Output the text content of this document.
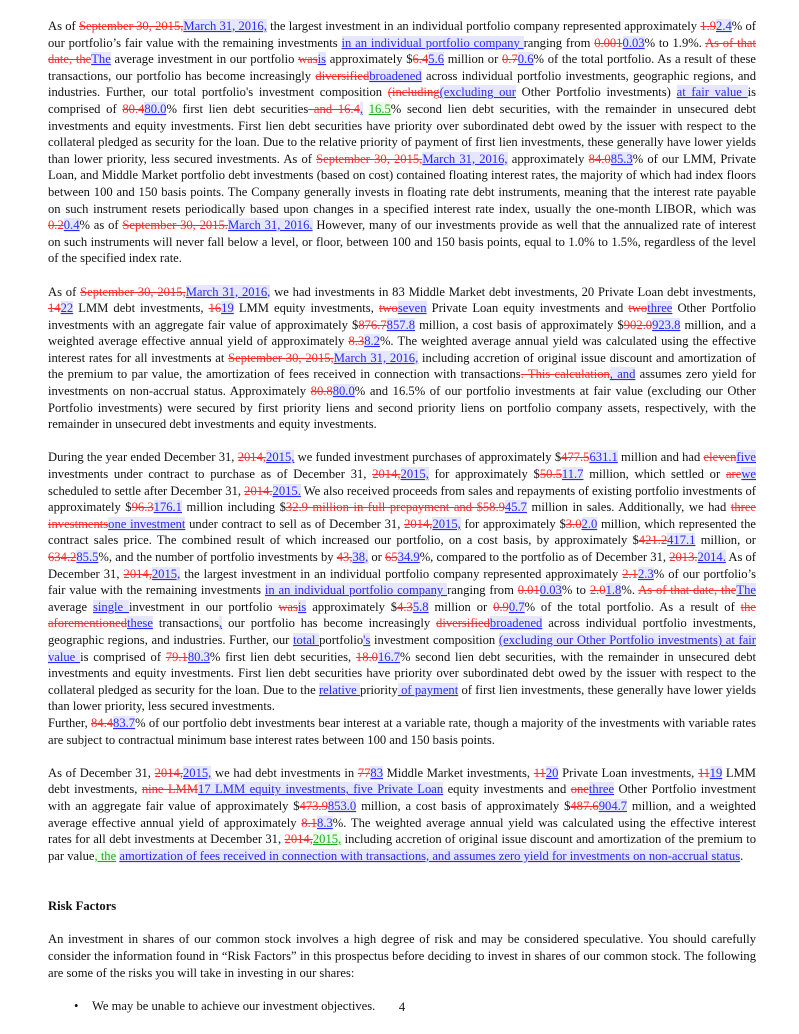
As of September 30, 2015,March 31, 2016, the largest investment in an individual portfolio company represented approximately 1.92.4% of our portfolio’s fair value with the remaining investments in an individual portfolio company ranging from 0.0010.03% to 1.9%. As of that date, theThe average investment in our portfolio wasis approximately $6.45.6 million or 0.70.6% of the total portfolio. As a result of these transactions, our portfolio has become increasingly diversifiedbroadened across individual portfolio investments, geographic regions, and industries. Further, our total portfolio's investment composition (including(excluding our Other Portfolio investments) at fair value is comprised of 80.480.0% first lien debt securities and 16.4, 16.5% second lien debt securities, with the remainder in unsecured debt investments and equity investments. First lien debt securities have priority over subordinated debt owed by the issuer with respect to the collateral pledged as security for the loan. Due to the relative priority of payment of first lien investments, these generally have lower yields than lower priority, less secured investments. As of September 30, 2015,March 31, 2016, approximately 84.085.3% of our LMM, Private Loan, and Middle Market portfolio debt investments (based on cost) contained floating interest rates, the majority of which had index floors between 100 and 150 basis points. The Company generally invests in floating rate debt instruments, meaning that the interest rate payable on such instrument resets periodically based upon changes in a specified interest rate index, usually the one-month LIBOR, which was 0.20.4% as of September 30, 2015.March 31, 2016. However, many of our investments provide as well that the annualized rate of interest on such instruments will never fall below a level, or floor, between 100 and 150 basis points, equal to 1.0% to 1.5%, regardless of the level of the specified index rate.

As of September 30, 2015,March 31, 2016, we had investments in 83 Middle Market debt investments, 20 Private Loan debt investments, 1422 LMM debt investments, 1619 LMM equity investments, twoseven Private Loan equity investments and twothree Other Portfolio investments with an aggregate fair value of approximately $876.7857.8 million, a cost basis of approximately $902.0923.8 million, and a weighted average effective annual yield of approximately 8.38.2%. The weighted average annual yield was calculated using the effective interest rates for all investments at September 30, 2015,March 31, 2016, including accretion of original issue discount and amortization of the premium to par value, the amortization of fees received in connection with transactions. This calculation, and assumes zero yield for investments on non-accrual status. Approximately 80.880.0% and 16.5% of our portfolio investments at fair value (excluding our Other Portfolio investments) were secured by first priority liens and second priority liens on portfolio company assets, respectively, with the remainder in unsecured debt investments and equity investments.

During the year ended December 31, 2014,2015, we funded investment purchases of approximately $477.5631.1 million and had elevenfive investments under contract to purchase as of December 31, 2014,2015, for approximately $50.511.7 million, which settled or arewe scheduled to settle after December 31, 2014.2015. We also received proceeds from sales and repayments of existing portfolio investments of approximately $96.3176.1 million including $32.9 million in full prepayment and $58.945.7 million in sales. Additionally, we had three investmentsone investment under contract to sell as of December 31, 2014,2015, for approximately $3.02.0 million, which represented the contract sales price. The combined result of which increased our portfolio, on a cost basis, by approximately $421.2417.1 million, or 634.285.5%, and the number of portfolio investments by 43,38, or 6534.9%, compared to the portfolio as of December 31, 2013.2014. As of December 31, 2014,2015, the largest investment in an individual portfolio company represented approximately 2.12.3% of our portfolio’s fair value with the remaining investments in an individual portfolio company ranging from 0.010.03% to 2.01.8%. As of that date, theThe average single investment in our portfolio wasis approximately $4.35.8 million or 0.90.7% of the total portfolio. As a result of the aforementionedthese transactions, our portfolio has become increasingly diversifiedbroadened across individual portfolio investments, geographic regions, and industries. Further, our total portfolio's investment composition (excluding our Other Portfolio investments) at fair value is comprised of 79.180.3% first lien debt securities, 18.016.7% second lien debt securities, with the remainder in unsecured debt investments and equity investments. First lien debt securities have priority over subordinated debt owed by the issuer with respect to the collateral pledged as security for the loan. Due to the relative priority of payment of first lien investments, these generally have lower yields than lower priority, less secured investments.

Further, 84.483.7% of our portfolio debt investments bear interest at a variable rate, though a majority of the investments with variable rates are subject to contractual minimum base interest rates between 100 and 150 basis points.

As of December 31, 2014,2015, we had debt investments in 7783 Middle Market investments, 1120 Private Loan investments, 1119 LMM debt investments, nine LMM17 LMM equity investments, five Private Loan equity investments and onethree Other Portfolio investment with an aggregate fair value of approximately $473.9853.0 million, a cost basis of approximately $487.6904.7 million, and a weighted average effective annual yield of approximately 8.18.3%. The weighted average annual yield was calculated using the effective interest rates for all debt investments at December 31, 2014,2015, including accretion of original issue discount and amortization of the premium to par value, the amortization of fees received in connection with transactions, and assumes zero yield for investments on non-accrual status.

Risk Factors

An investment in shares of our common stock involves a high degree of risk and may be considered speculative. You should carefully consider the information found in “Risk Factors” in this prospectus before deciding to invest in shares of our common stock. The following are some of the risks you will take in investing in our shares:

• We may be unable to achieve our investment objectives.	4
